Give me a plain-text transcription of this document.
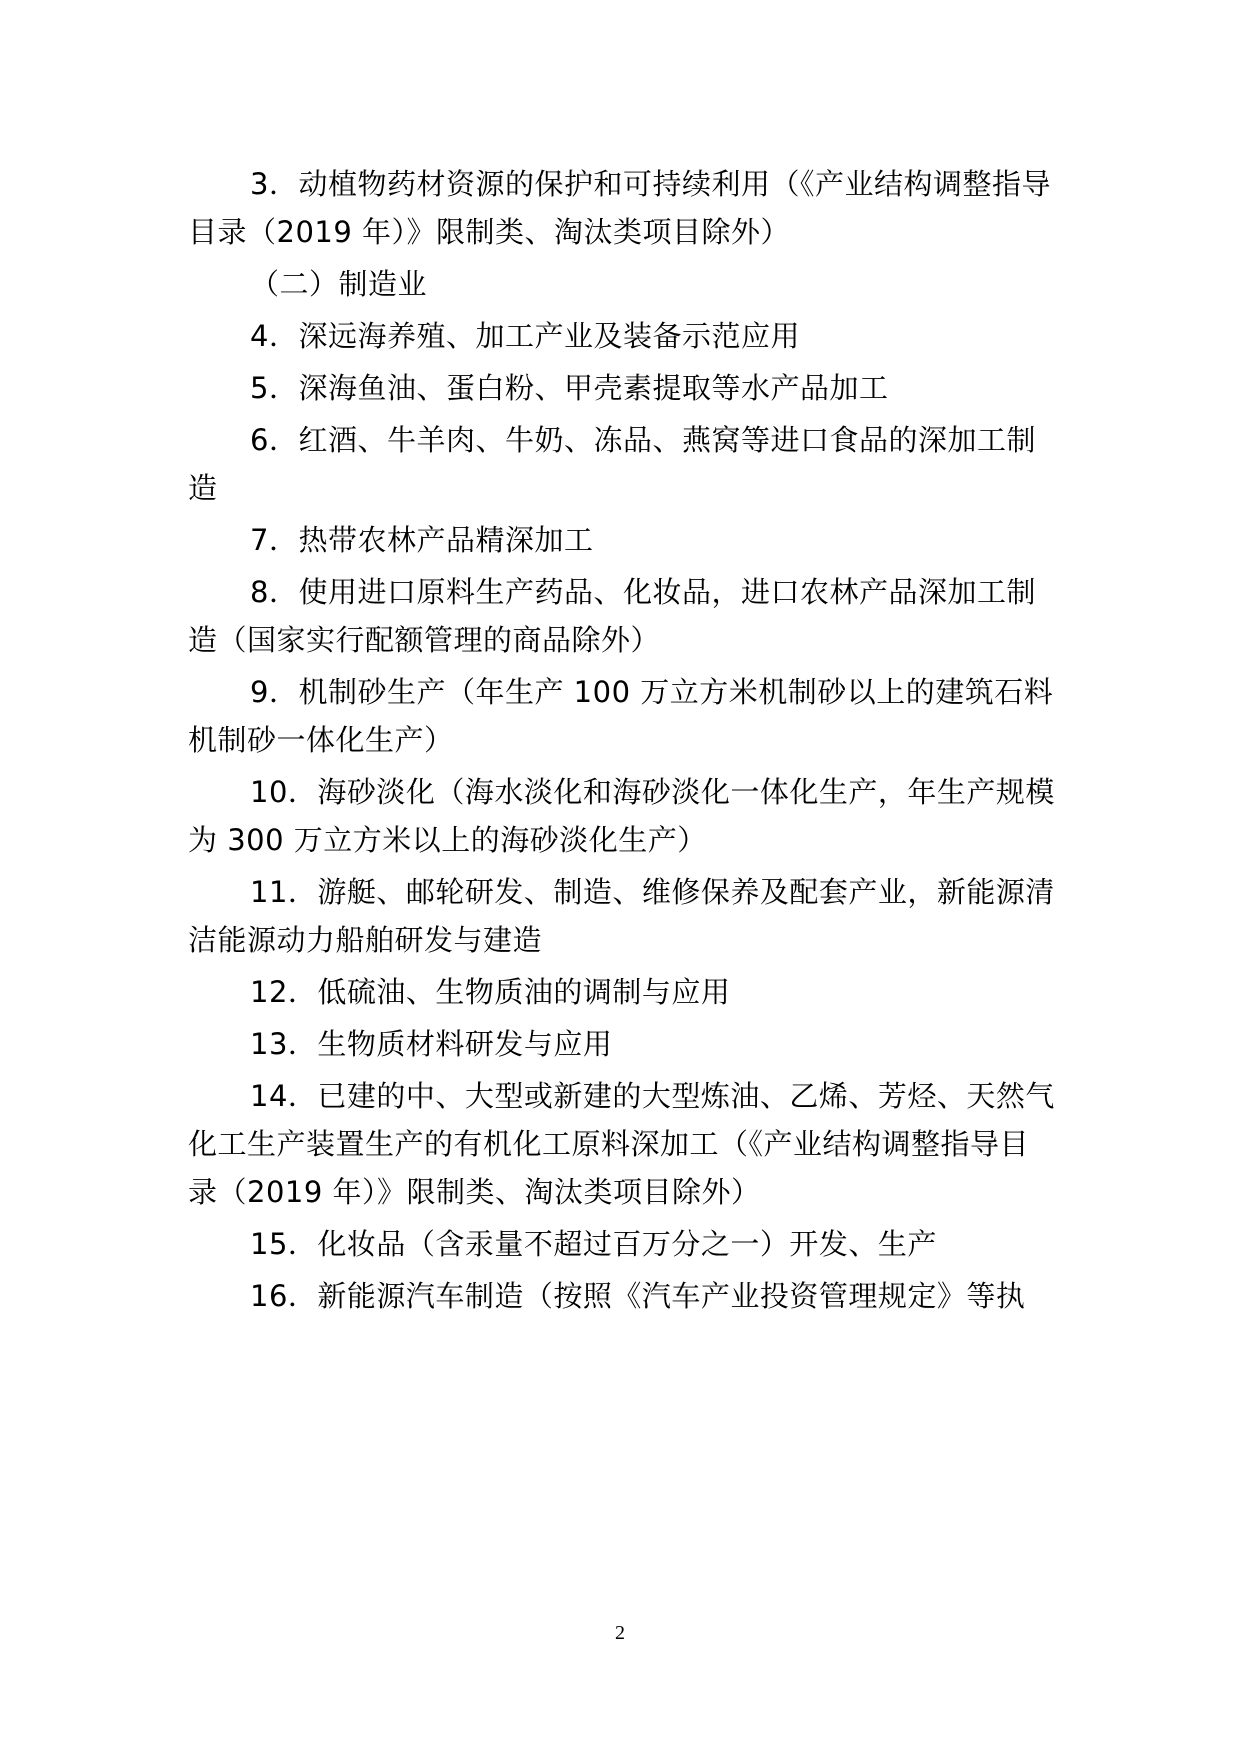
3．动植物药材资源的保护和可持续利用（《产业结构调整指导目录（2019 年）》限制类、淘汰类项目除外）

（二）制造业

4．深远海养殖、加工产业及装备示范应用

5．深海鱼油、蛋白粉、甲壳素提取等水产品加工

6．红酒、牛羊肉、牛奶、冻品、燕窝等进口食品的深加工制造

7．热带农林产品精深加工

8．使用进口原料生产药品、化妆品，进口农林产品深加工制造（国家实行配额管理的商品除外）

9．机制砂生产（年生产 100 万立方米机制砂以上的建筑石料机制砂一体化生产）

10．海砂淡化（海水淡化和海砂淡化一体化生产，年生产规模为 300 万立方米以上的海砂淡化生产）

11．游艇、邮轮研发、制造、维修保养及配套产业，新能源清洁能源动力船舶研发与建造

12．低硫油、生物质油的调制与应用

13．生物质材料研发与应用

14．已建的中、大型或新建的大型炼油、乙烯、芳烃、天然气化工生产装置生产的有机化工原料深加工（《产业结构调整指导目录（2019 年）》限制类、淘汰类项目除外）

15．化妆品（含汞量不超过百万分之一）开发、生产

16．新能源汽车制造（按照《汽车产业投资管理规定》等执

2
